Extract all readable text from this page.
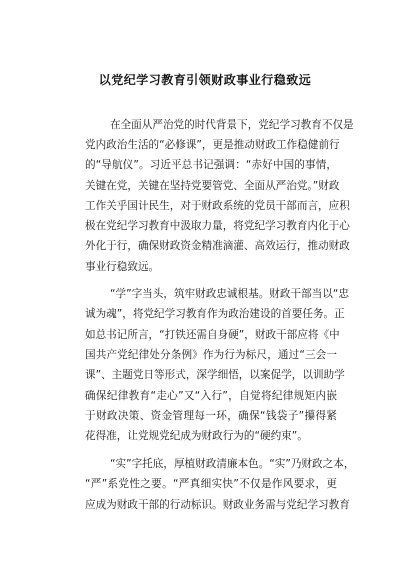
以党纪学习教育引领财政事业行稳致远
在全面从严治党的时代背景下，党纪学习教育不仅是
党内政治生活的“必修课”，更是推动财政工作稳健前行
的“导航仪”。习近平总书记强调：“赤好中国的事情，
关键在党，关键在坚持党要管党、全面从严治党。”财政
工作关乎国计民生，对于财政系统的党员干部而言，应积
极在党纪学习教育中汲取力量，将党纪学习教育内化于心
外化于行，确保财政资金精准滴灌、高效运行，推动财政
事业行稳致远。
“学”字当头，筑牢财政忠诚根基。财政干部当以“忠
诚为魂”，将党纪学习教育作为政治建设的首要任务。正
如总书记所言，“打铁还需自身硬”，财政干部应将《中
国共产党纪律处分条例》作为行为标尺，通过“三会一
课”、主题党日等形式，深学细悟，以案促学，以训助学
确保纪律教育“走心”又“入行”，自觉将纪律规矩内嵌
于财政决策、资金管理每一环，确保“钱袋子”攥得紧
花得准，让党规党纪成为财政行为的“硬约束”。
“实”字托底，厚植财政清廉本色。“实”乃财政之本，
“严”系党性之要。“严真细实快”不仅是作风要求，更
应成为财政干部的行动标识。财政业务需与党纪学习教育
